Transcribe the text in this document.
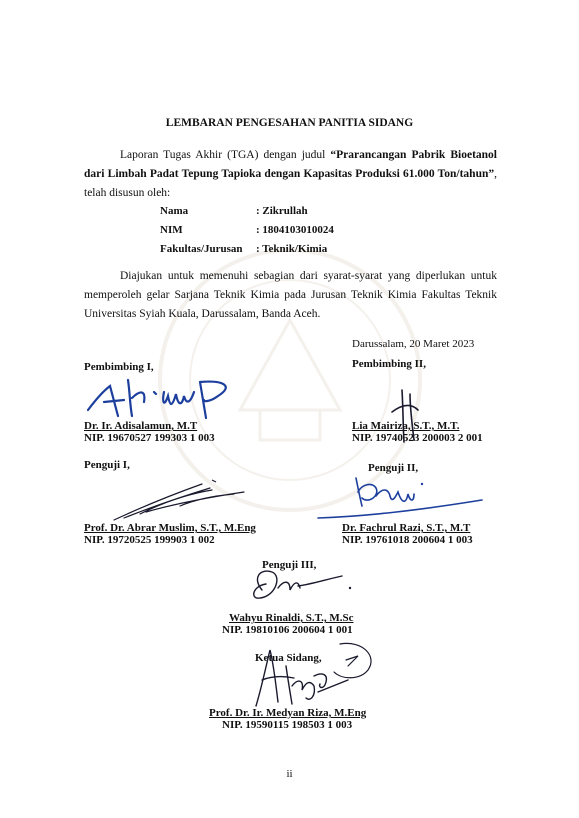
LEMBARAN PENGESAHAN PANITIA SIDANG
Laporan Tugas Akhir (TGA) dengan judul “Prarancangan Pabrik Bioetanol dari Limbah Padat Tepung Tapioka dengan Kapasitas Produksi 61.000 Ton/tahun”, telah disusun oleh:
Nama	: Zikrullah
NIM	: 1804103010024
Fakultas/Jurusan	: Teknik/Kimia
Diajukan untuk memenuhi sebagian dari syarat-syarat yang diperlukan untuk memperoleh gelar Sarjana Teknik Kimia pada Jurusan Teknik Kimia Fakultas Teknik Universitas Syiah Kuala, Darussalam, Banda Aceh.
Darussalam, 20 Maret 2023
Pembimbing I,
Dr. Ir. Adisalamun, M.T
NIP. 19670527 199303 1 003
Pembimbing II,
Lia Mairiza, S.T., M.T.
NIP. 19740523 200003 2 001
Penguji I,
Prof. Dr. Abrar Muslim, S.T., M.Eng
NIP. 19720525 199903 1 002
Penguji II,
Dr. Fachrul Razi, S.T., M.T
NIP. 19761018 200604 1 003
Penguji III,
Wahyu Rinaldi, S.T., M.Sc
NIP. 19810106 200604 1 001
Ketua Sidang,
Prof. Dr. Ir. Medyan Riza, M.Eng
NIP. 19590115 198503 1 003
ii
